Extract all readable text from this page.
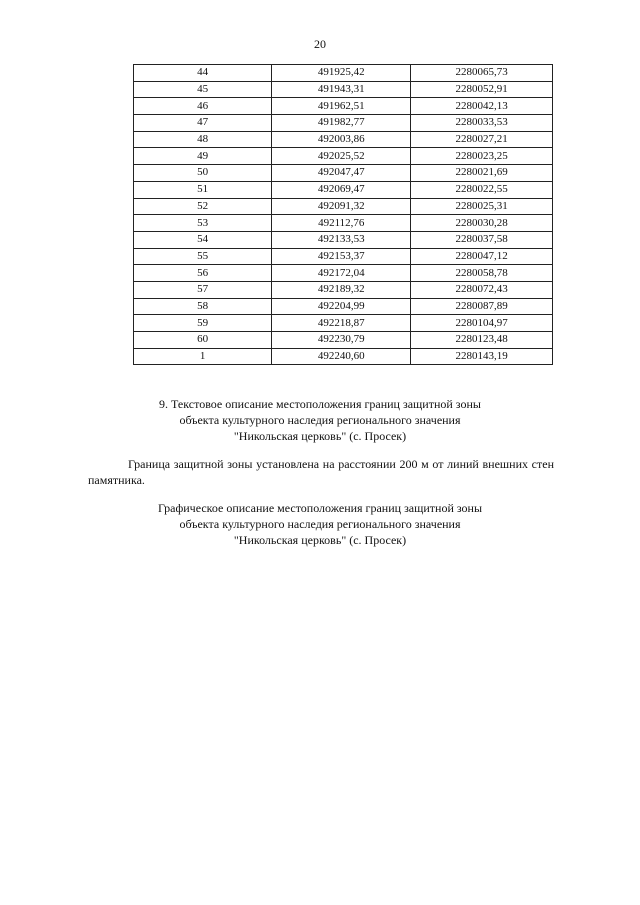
20
44	491925,42	2280065,73
45	491943,31	2280052,91
46	491962,51	2280042,13
47	491982,77	2280033,53
48	492003,86	2280027,21
49	492025,52	2280023,25
50	492047,47	2280021,69
51	492069,47	2280022,55
52	492091,32	2280025,31
53	492112,76	2280030,28
54	492133,53	2280037,58
55	492153,37	2280047,12
56	492172,04	2280058,78
57	492189,32	2280072,43
58	492204,99	2280087,89
59	492218,87	2280104,97
60	492230,79	2280123,48
1	492240,60	2280143,19
9. Текстовое описание местоположения границ защитной зоны
объекта культурного наследия регионального значения
"Никольская церковь" (с. Просек)
Граница защитной зоны установлена на расстоянии 200 м от линий внешних стен
памятника.
Графическое описание местоположения границ защитной зоны
объекта культурного наследия регионального значения
"Никольская церковь" (с. Просек)
